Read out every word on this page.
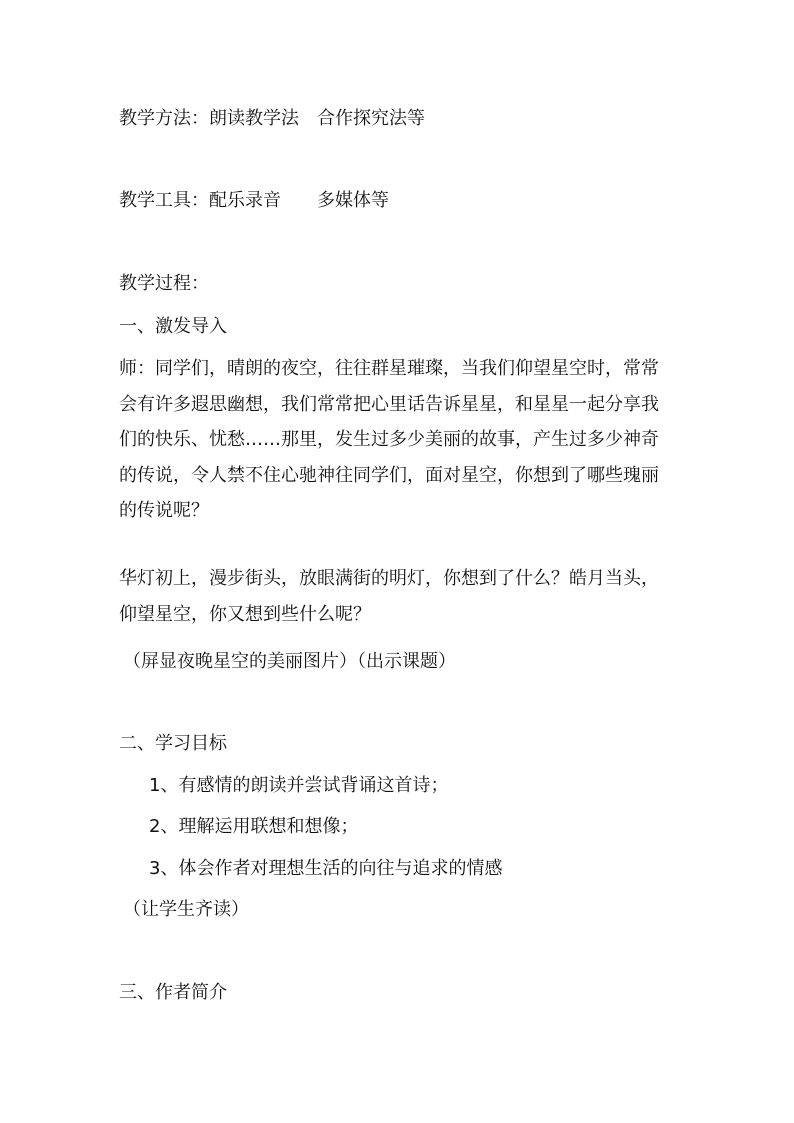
教学方法：朗读教学法　合作探究法等
教学工具：配乐录音　　多媒体等
教学过程：
一、激发导入
师：同学们，晴朗的夜空，往往群星璀璨，当我们仰望星空时，常常
会有许多遐思幽想，我们常常把心里话告诉星星，和星星一起分享我
们的快乐、忧愁……那里，发生过多少美丽的故事，产生过多少神奇
的传说，令人禁不住心驰神往同学们，面对星空，你想到了哪些瑰丽
的传说呢？
华灯初上，漫步街头，放眼满街的明灯，你想到了什么？皓月当头，
仰望星空，你又想到些什么呢？
（屏显夜晚星空的美丽图片）（出示课题）
二、学习目标
1、有感情的朗读并尝试背诵这首诗；
2、理解运用联想和想像；
3、体会作者对理想生活的向往与追求的情感
（让学生齐读）
三、作者简介
